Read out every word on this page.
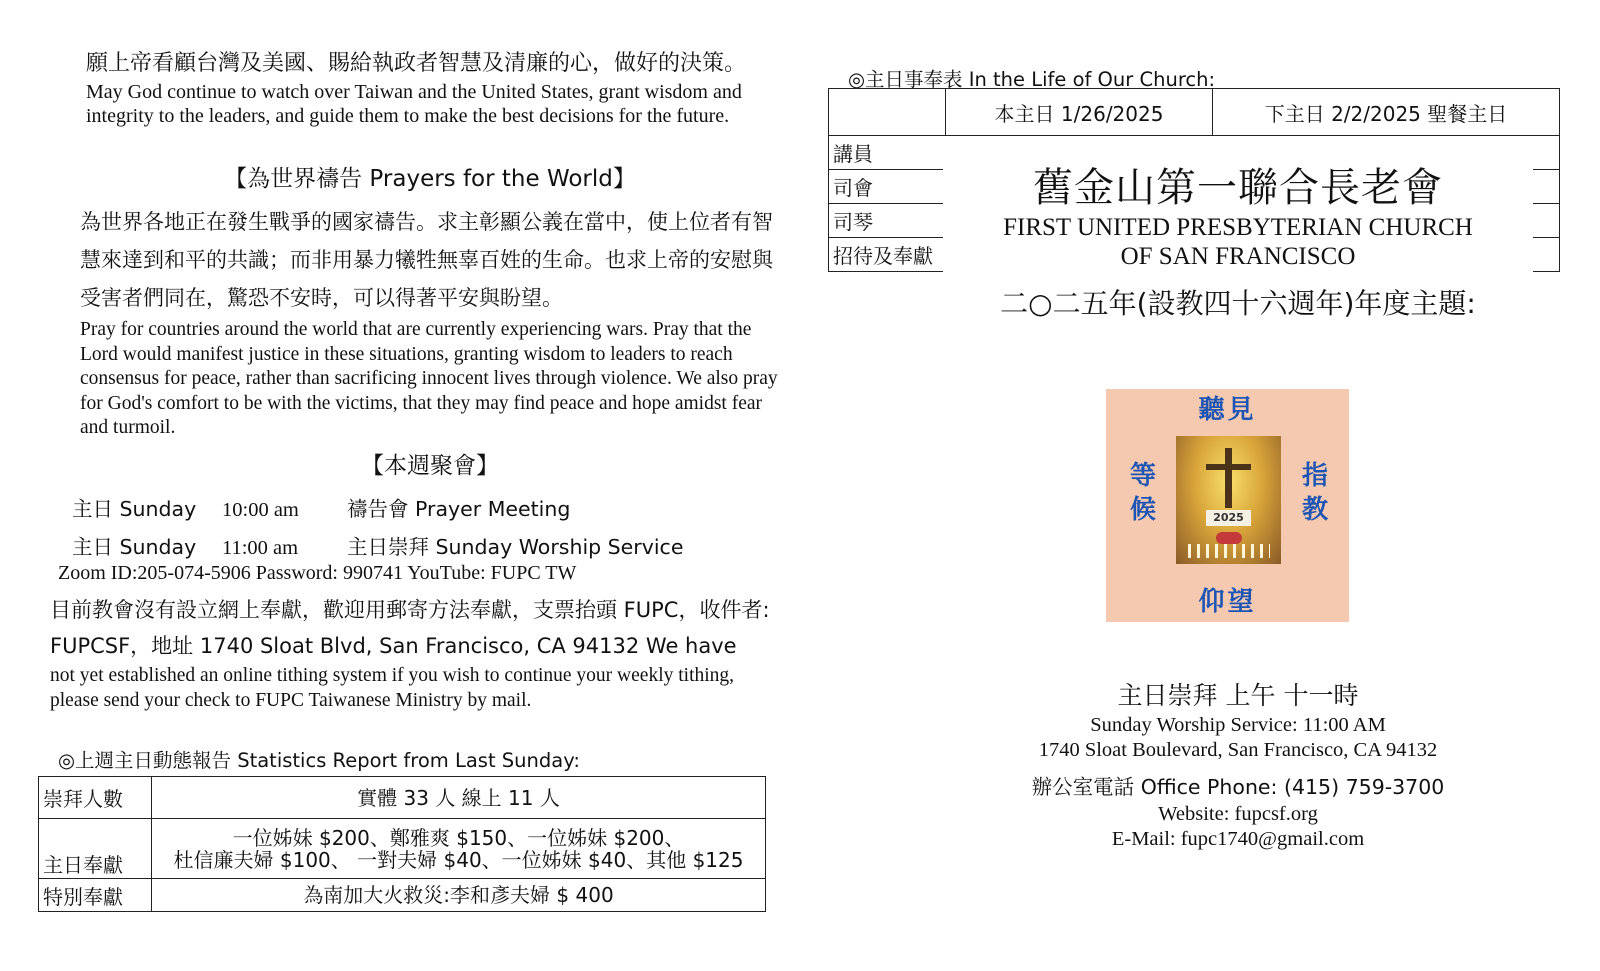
願上帝看顧台灣及美國、賜給執政者智慧及清廉的心，做好的決策。
May God continue to watch over Taiwan and the United States, grant wisdom and integrity to the leaders, and guide them to make the best decisions for the future.
【為世界禱告 Prayers for the World】
為世界各地正在發生戰爭的國家禱告。求主彰顯公義在當中，使上位者有智慧來達到和平的共識；而非用暴力犧牲無辜百姓的生命。也求上帝的安慰與受害者們同在，驚恐不安時，可以得著平安與盼望。
Pray for countries around the world that are currently experiencing wars. Pray that the Lord would manifest justice in these situations, granting wisdom to leaders to reach consensus for peace, rather than sacrificing innocent lives through violence. We also pray for God's comfort to be with the victims, that they may find peace and hope amidst fear and turmoil.
【本週聚會】
主日 Sunday 10:00 am 禱告會 Prayer Meeting
主日 Sunday 11:00 am 主日崇拜 Sunday Worship Service
Zoom ID:205-074-5906 Password: 990741 YouTube: FUPC TW
目前教會沒有設立網上奉獻，歡迎用郵寄方法奉獻，支票抬頭 FUPC，收件者: FUPCSF，地址 1740 Sloat Blvd, San Francisco, CA 94132 We have
not yet established an online tithing system if you wish to continue your weekly tithing, please send your check to FUPC Taiwanese Ministry by mail.
◎上週主日動態報告 Statistics Report from Last Sunday:
崇拜人數	實體 33 人 線上 11 人
主日奉獻	一位姊妹 $200、鄭雅爽 $150、一位姊妹 $200、
杜信廉夫婦 $100、 一對夫婦 $40、一位姊妹 $40、其他 $125

特別奉獻	為南加大火救災:李和彥夫婦 $ 400
◎主日事奉表 In the Life of Our Church:
	本主日 1/26/2025	下主日 2/2/2025 聖餐主日
講員		
司會		
司琴		
招待及奉獻		
舊金山第一聯合長老會
FIRST UNITED PRESBYTERIAN CHURCH
OF SAN FRANCISCO
二○二五年(設教四十六週年)年度主題:
聽見
等候
指教
仰望
2025
主日崇拜 上午 十一時
Sunday Worship Service: 11:00 AM
1740 Sloat Boulevard, San Francisco, CA 94132
辦公室電話 Office Phone: (415) 759-3700
Website: fupcsf.org
E-Mail: fupc1740@gmail.com
